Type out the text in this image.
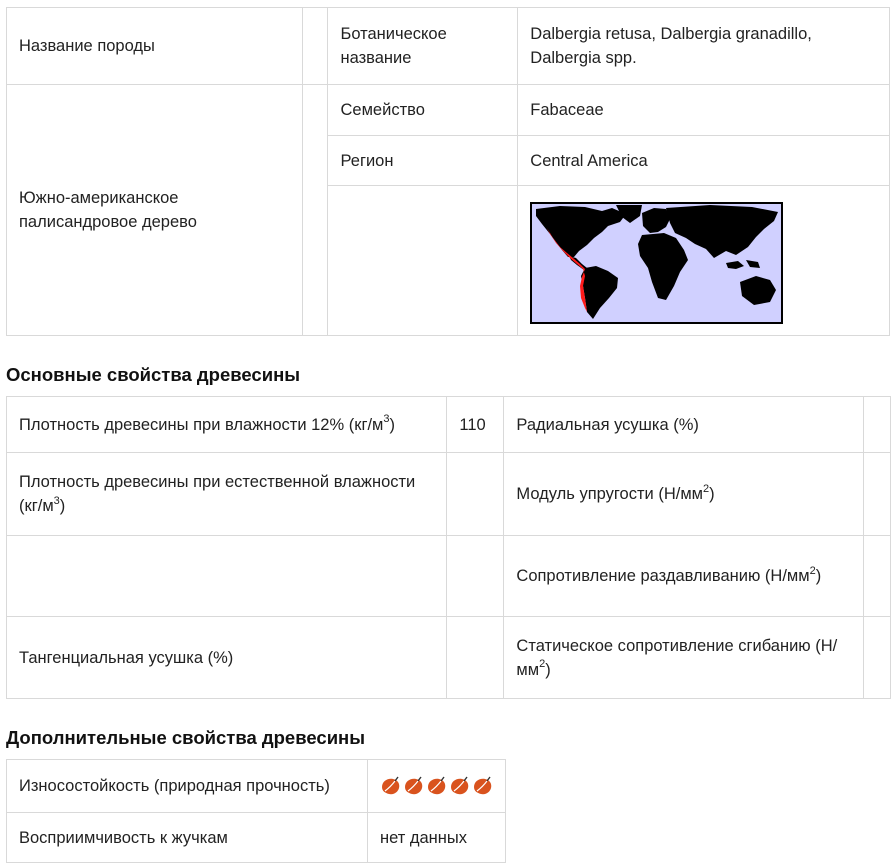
Название породы		Ботаническое название	Dalbergia retusa, Dalbergia granadillo, Dalbergia spp.
Южно-американское палисандровое дерево		Семейство	Fabaceae
		Регион	Central America

Основные свойства древесины
Плотность древесины при влажности 12% $(кг/м^3)$	110	Радиальная усушка (%)	
Плотность древесины при естественной влажности $(кг/м^3)$		Модуль упругости $(Н/мм^2)$	
		Сопротивление раздавливанию $(Н/мм^2)$	
Тангенциальная усушка (%)		Статическое сопротивление сгибанию $(Н/мм^2)$	
Дополнительные свойства древесины
Износостойкость (природная прочность)	

Восприимчивость к жучкам	нет данных
